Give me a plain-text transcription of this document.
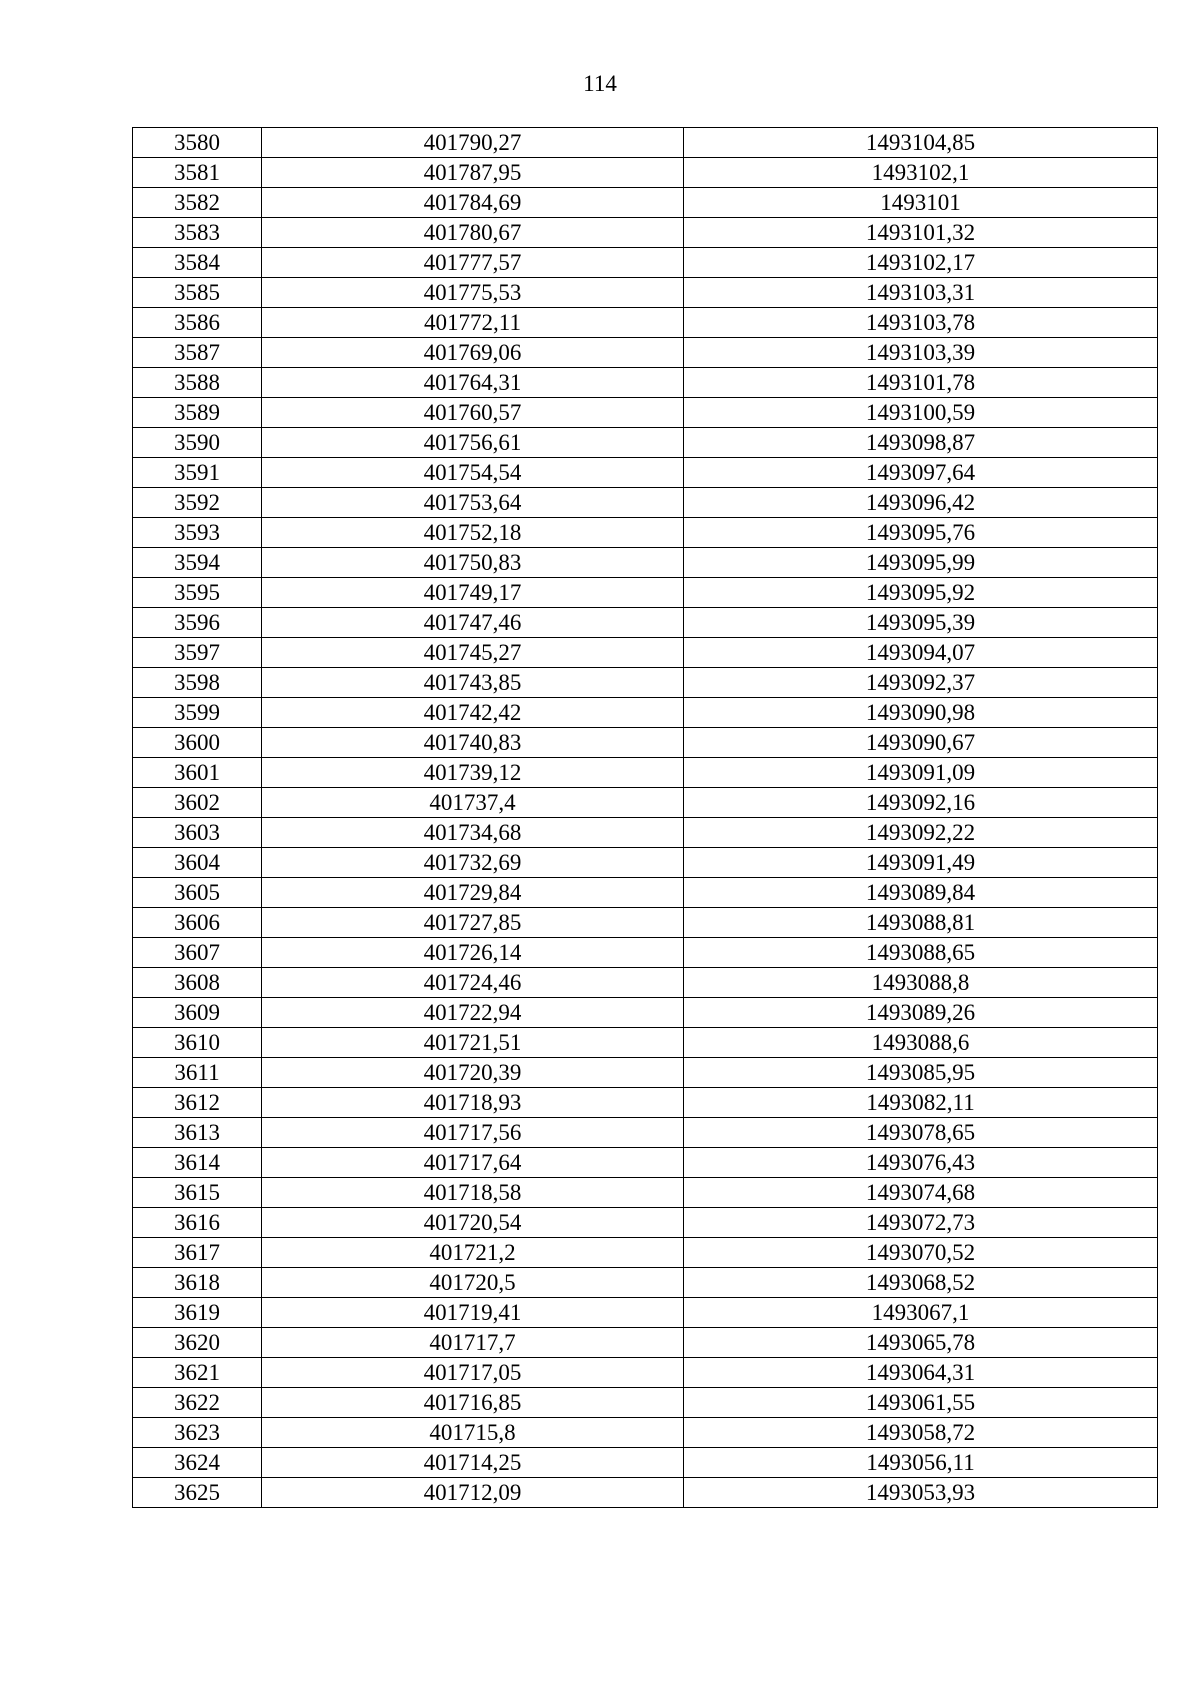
114
3580	401790,27	1493104,85
3581	401787,95	1493102,1
3582	401784,69	1493101
3583	401780,67	1493101,32
3584	401777,57	1493102,17
3585	401775,53	1493103,31
3586	401772,11	1493103,78
3587	401769,06	1493103,39
3588	401764,31	1493101,78
3589	401760,57	1493100,59
3590	401756,61	1493098,87
3591	401754,54	1493097,64
3592	401753,64	1493096,42
3593	401752,18	1493095,76
3594	401750,83	1493095,99
3595	401749,17	1493095,92
3596	401747,46	1493095,39
3597	401745,27	1493094,07
3598	401743,85	1493092,37
3599	401742,42	1493090,98
3600	401740,83	1493090,67
3601	401739,12	1493091,09
3602	401737,4	1493092,16
3603	401734,68	1493092,22
3604	401732,69	1493091,49
3605	401729,84	1493089,84
3606	401727,85	1493088,81
3607	401726,14	1493088,65
3608	401724,46	1493088,8
3609	401722,94	1493089,26
3610	401721,51	1493088,6
3611	401720,39	1493085,95
3612	401718,93	1493082,11
3613	401717,56	1493078,65
3614	401717,64	1493076,43
3615	401718,58	1493074,68
3616	401720,54	1493072,73
3617	401721,2	1493070,52
3618	401720,5	1493068,52
3619	401719,41	1493067,1
3620	401717,7	1493065,78
3621	401717,05	1493064,31
3622	401716,85	1493061,55
3623	401715,8	1493058,72
3624	401714,25	1493056,11
3625	401712,09	1493053,93
